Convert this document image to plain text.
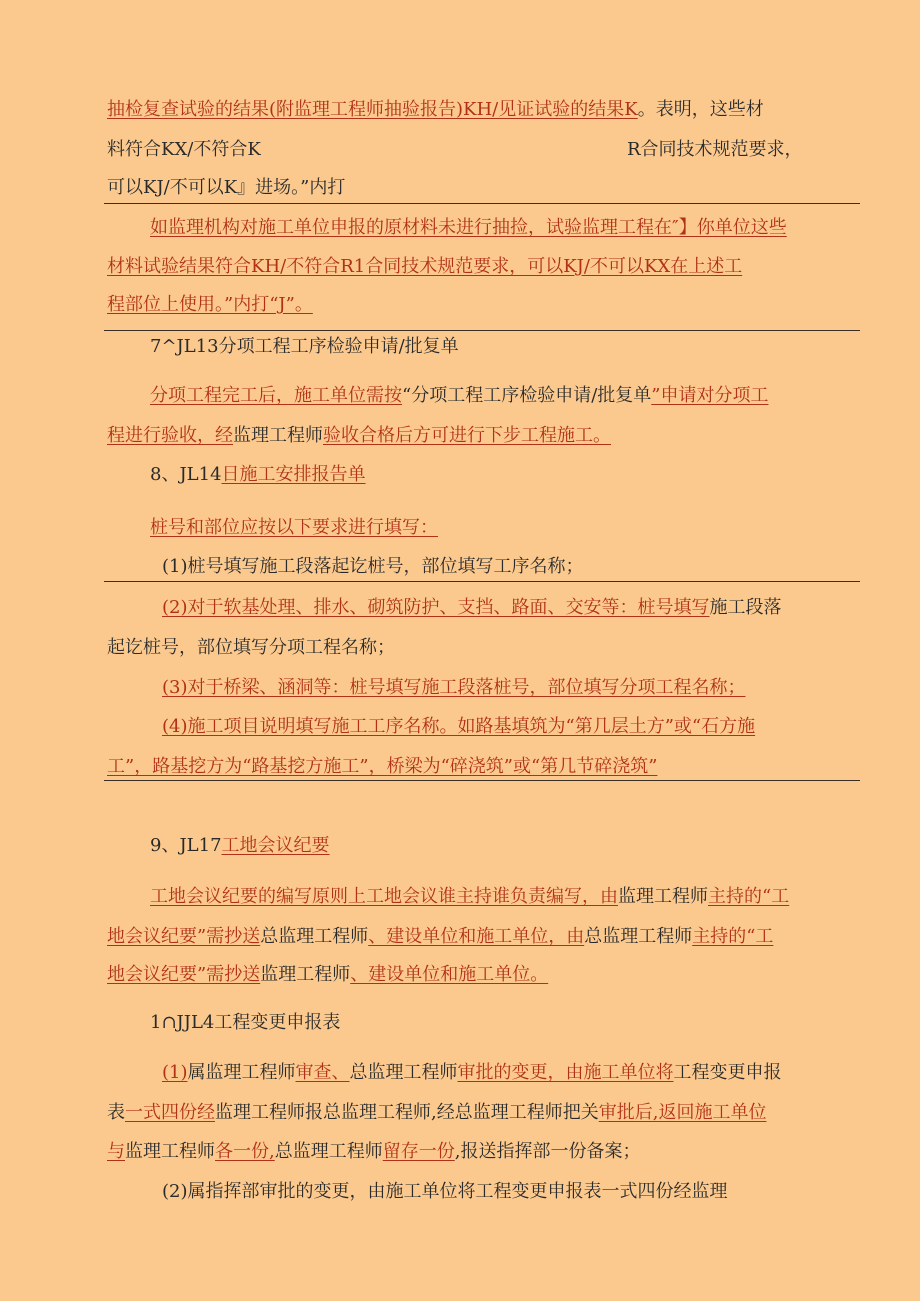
抽检复查试验的结果(附监理工程师抽验报告)KH/见证试验的结果K。表明，这些材
料符合KX/不符合K	R合同技术规范要求，
可以KJ/不可以K』进场。”内打
如监理机构对施工单位申报的原材料未进行抽捡，试验监理工程在″】你单位这些
材料试验结果符合KH/不符合R1合同技术规范要求，可以KJ/不可以KX在上述工
程部位上使用。”内打“J”。
7^JL13分项工程工序检验申请/批复单
分项工程完工后，施工单位需按“分项工程工序检验申请/批复单”申请对分项工
程进行验收，经监理工程师验收合格后方可进行下步工程施工。
8、JL14日施工安排报告单
桩号和部位应按以下要求进行填写：
(1)桩号填写施工段落起讫桩号，部位填写工序名称；
(2)对于软基处理、排水、砌筑防护、支挡、路面、交安等：桩号填写施工段落
起讫桩号，部位填写分项工程名称；
(3)对于桥梁、涵洞等：桩号填写施工段落桩号，部位填写分项工程名称；
(4)施工项目说明填写施工工序名称。如路基填筑为“第几层土方”或“石方施
工”，路基挖方为“路基挖方施工”，桥梁为“碎浇筑”或“第几节碎浇筑”
9、JL17工地会议纪要
工地会议纪要的编写原则上工地会议谁主持谁负责编写，由监理工程师主持的“工
地会议纪要”需抄送总监理工程师、建设单位和施工单位，由总监理工程师主持的“工
地会议纪要”需抄送监理工程师、建设单位和施工单位。
1∩JJL4工程变更申报表
(1)属监理工程师审查、总监理工程师审批的变更，由施工单位将工程变更申报
表一式四份经监理工程师报总监理工程师,经总监理工程师把关审批后,返回施工单位
与监理工程师各一份,总监理工程师留存一份,报送指挥部一份备案；
(2)属指挥部审批的变更，由施工单位将工程变更申报表一式四份经监理
